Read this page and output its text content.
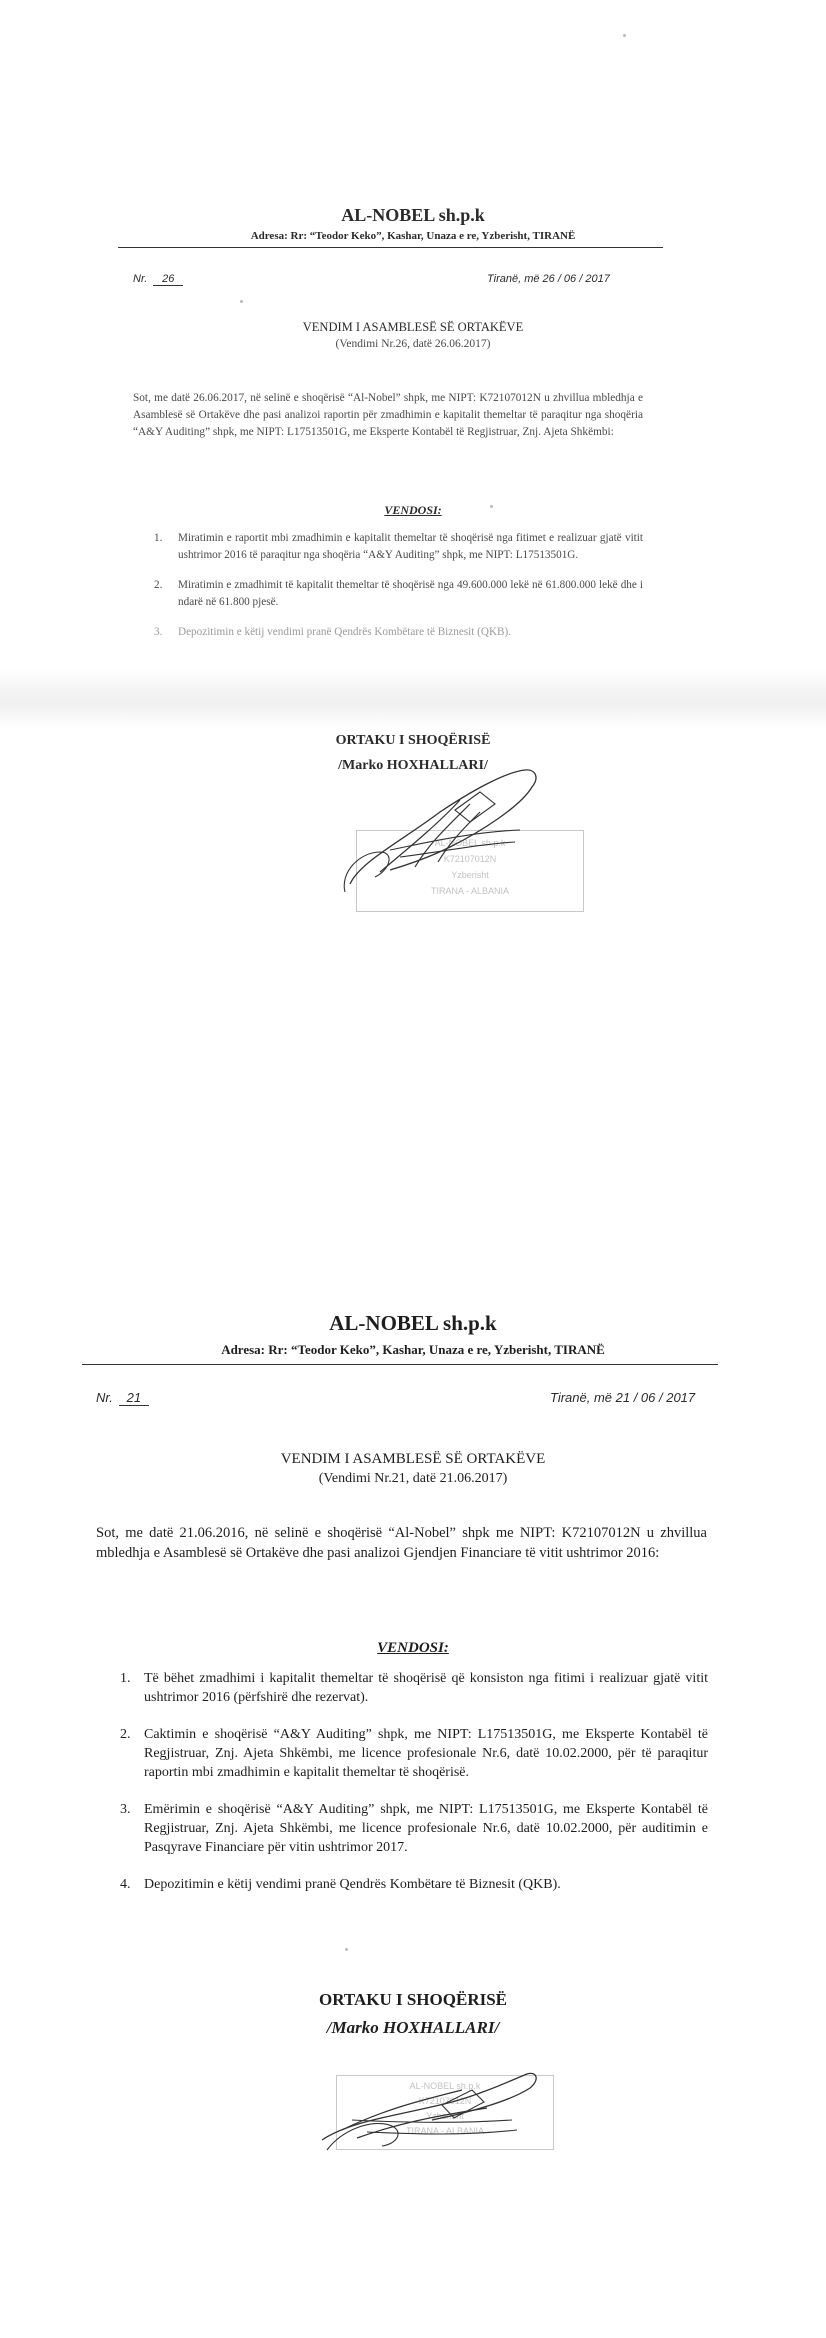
AL-NOBEL sh.p.k
Adresa: Rr: “Teodor Keko”, Kashar, Unaza e re, Yzberisht, TIRANË
Nr. 26	Tiranë, më 26 / 06 / 2017
VENDIM I ASAMBLESË SË ORTAKËVE
(Vendimi Nr.26, datë 26.06.2017)
Sot, me datë 26.06.2017, në selinë e shoqërisë “Al-Nobel” shpk, me NIPT: K72107012N u zhvillua mbledhja e Asamblesë së Ortakëve dhe pasi analizoi raportin për zmadhimin e kapitalit themeltar të paraqitur nga shoqëria “A&Y Auditing” shpk, me NIPT: L17513501G, me Eksperte Kontabël të Regjistruar, Znj. Ajeta Shkëmbi:
VENDOSI:
1. Miratimin e raportit mbi zmadhimin e kapitalit themeltar të shoqërisë nga fitimet e realizuar gjatë vitit ushtrimor 2016 të paraqitur nga shoqëria “A&Y Auditing” shpk, me NIPT: L17513501G.
2. Miratimin e zmadhimit të kapitalit themeltar të shoqërisë nga 49.600.000 lekë në 61.800.000 lekë dhe i ndarë në 61.800 pjesë.
3. Depozitimin e këtij vendimi pranë Qendrës Kombëtare të Biznesit (QKB).
ORTAKU I SHOQËRISË
/Marko HOXHALLARI/
AL-NOBEL sh.p.k
K72107012N
Yzberisht
TIRANA - ALBANIA
AL-NOBEL sh.p.k
Adresa: Rr: “Teodor Keko”, Kashar, Unaza e re, Yzberisht, TIRANË
Nr. 21	Tiranë, më 21 / 06 / 2017
VENDIM I ASAMBLESË SË ORTAKËVE
(Vendimi Nr.21, datë 21.06.2017)
Sot, me datë 21.06.2016, në selinë e shoqërisë “Al-Nobel” shpk me NIPT: K72107012N u zhvillua mbledhja e Asamblesë së Ortakëve dhe pasi analizoi Gjendjen Financiare të vitit ushtrimor 2016:
VENDOSI:
1. Të bëhet zmadhimi i kapitalit themeltar të shoqërisë që konsiston nga fitimi i realizuar gjatë vitit ushtrimor 2016 (përfshirë dhe rezervat).
2. Caktimin e shoqërisë “A&Y Auditing” shpk, me NIPT: L17513501G, me Eksperte Kontabël të Regjistruar, Znj. Ajeta Shkëmbi, me licence profesionale Nr.6, datë 10.02.2000, për të paraqitur raportin mbi zmadhimin e kapitalit themeltar të shoqërisë.
3. Emërimin e shoqërisë “A&Y Auditing” shpk, me NIPT: L17513501G, me Eksperte Kontabël të Regjistruar, Znj. Ajeta Shkëmbi, me licence profesionale Nr.6, datë 10.02.2000, për auditimin e Pasqyrave Financiare për vitin ushtrimor 2017.
4. Depozitimin e këtij vendimi pranë Qendrës Kombëtare të Biznesit (QKB).
ORTAKU I SHOQËRISË
/Marko HOXHALLARI/
AL-NOBEL sh.p.k
K72107012N
Yzberisht
TIRANA - ALBANIA
